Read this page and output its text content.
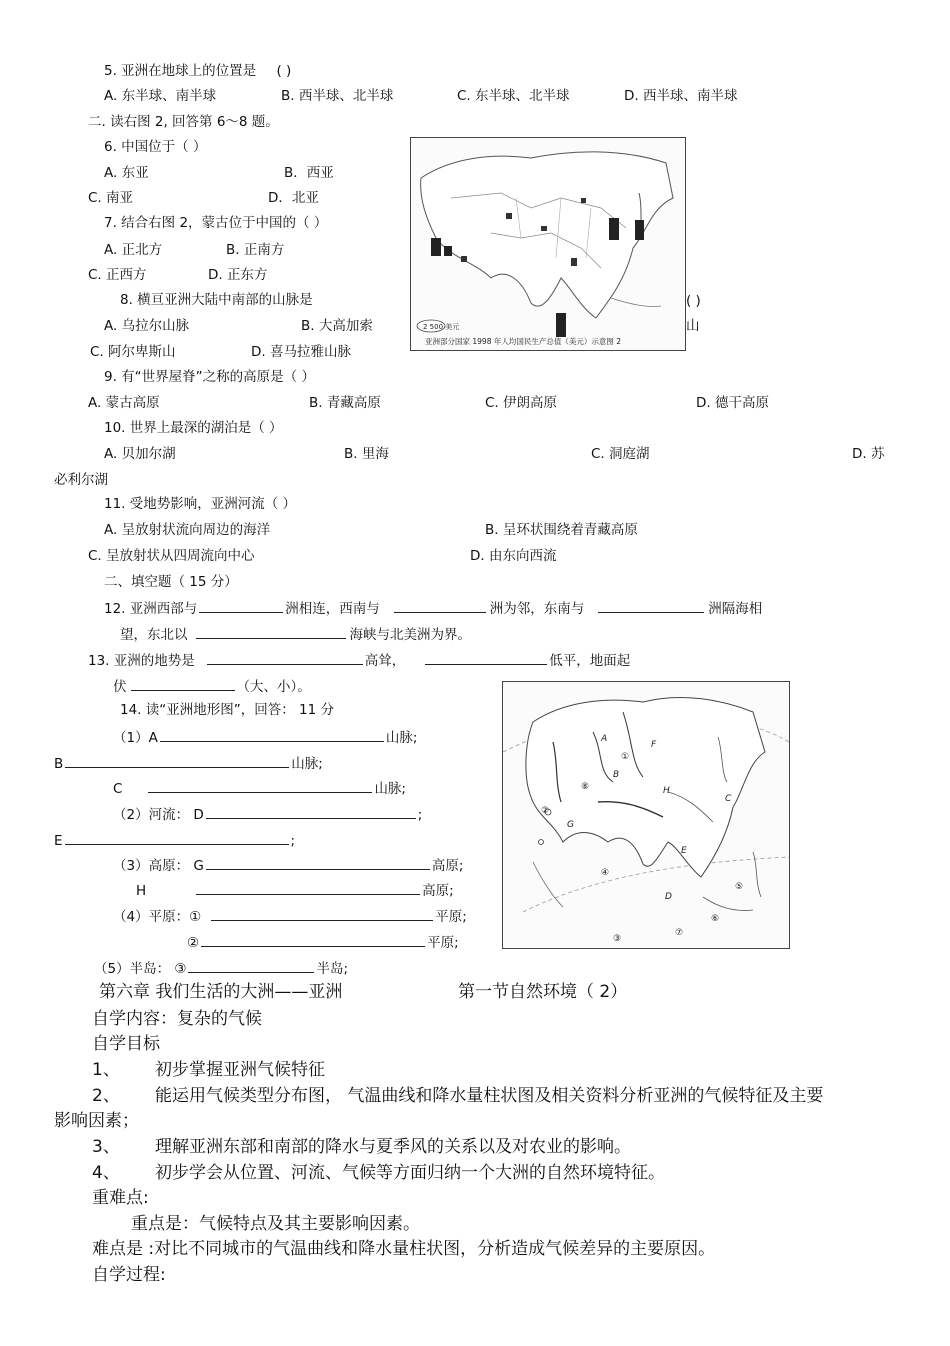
5. 亚洲在地球上的位置是 ( )
A. 东半球、南半球	B. 西半球、北半球	C. 东半球、北半球	D. 西半球、南半球
二. 读右图 2, 回答第 6～8 题。
6. 中国位于（ ）
A. 东亚	B．西亚
C. 南亚	D．北亚
7. 结合右图 2，蒙古位于中国的（ ）
A. 正北方	B. 正南方
C. 正西方	D. 正东方
8. 横亘亚洲大陆中南部的山脉是	( )
A. 乌拉尔山脉	B. 大高加索	山
C. 阿尔卑斯山	D. 喜马拉雅山脉
2 500 美元
亚洲部分国家 1998 年人均国民生产总值（美元）示意图 2
9. 有“世界屋脊”之称的高原是（ ）
A. 蒙古高原	B. 青藏高原	C. 伊朗高原	D. 德干高原
10. 世界上最深的湖泊是（ ）
A. 贝加尔湖	B. 里海	C. 洞庭湖	D. 苏
必利尔湖
11. 受地势影响，亚洲河流（ ）
A. 呈放射状流向周边的海洋	B. 呈环状围绕着青藏高原
C. 呈放射状从四周流向中心	D. 由东向西流
二、填空题（ 15 分）
12. 亚洲西部与	洲相连，西南与	洲为邻，东南与	洲隔海相
望，东北以	海峡与北美洲为界。
13. 亚洲的地势是	高耸，	低平，地面起
伏	（大、小）。
14. 读“亚洲地形图”，回答： 11 分
（1）A	山脉;
B	山脉;
C	山脉;
（2）河流： D	;
E	;
（3）高原： G	高原;
H	高原;
（4）平原：①	平原;
②	平原;
（5）半岛： ③	半岛;
A
B
C
D
E
F
G
H
①
②
③
④
⑤
⑥
⑦
⑧
第六章 我们生活的大洲——亚洲	第一节自然环境（ 2）
自学内容：复杂的气候
自学目标
1、 初步掌握亚洲气候特征
2、 能运用气候类型分布图， 气温曲线和降水量柱状图及相关资料分析亚洲的气候特征及主要
影响因素；
3、 理解亚洲东部和南部的降水与夏季风的关系以及对农业的影响。
4、 初步学会从位置、河流、气候等方面归纳一个大洲的自然环境特征。
重难点:
重点是：气候特点及其主要影响因素。
难点是 :对比不同城市的气温曲线和降水量柱状图，分析造成气候差异的主要原因。
自学过程:
